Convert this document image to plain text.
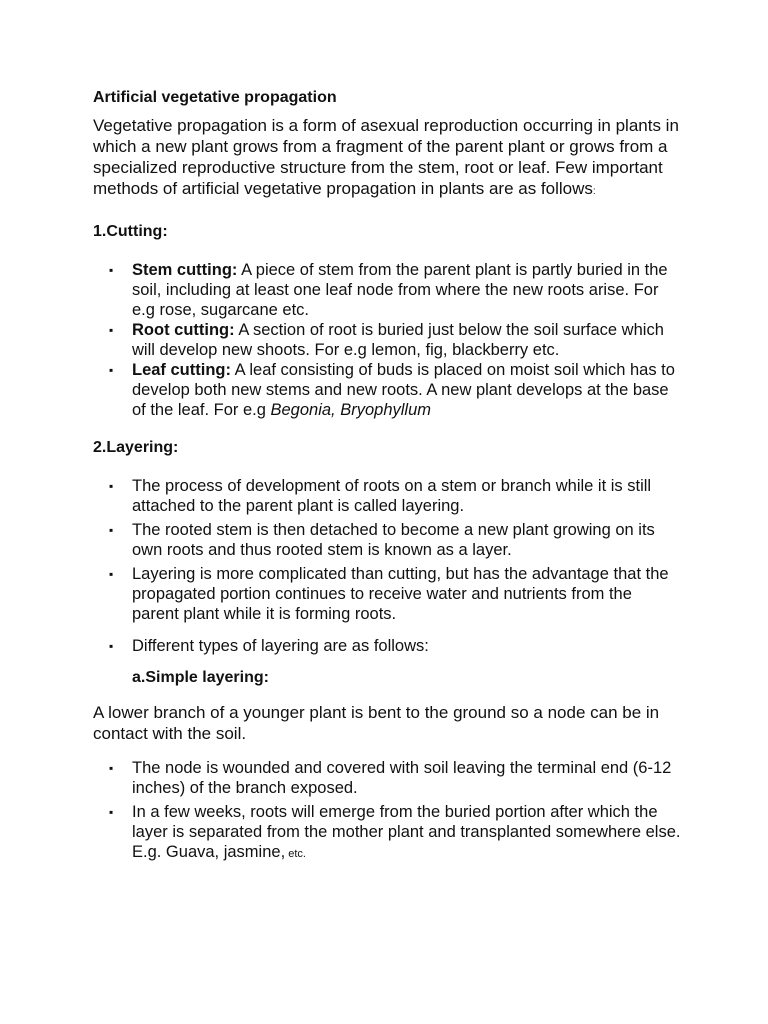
Artificial vegetative propagation

Vegetative propagation is a form of asexual reproduction occurring in plants in which a new plant grows from a fragment of the parent plant or grows from a specialized reproductive structure from the stem, root or leaf. Few important methods of artificial vegetative propagation in plants are as follows:

1.Cutting:
▪ Stem cutting: A piece of stem from the parent plant is partly buried in the soil, including at least one leaf node from where the new roots arise. For e.g rose, sugarcane etc.
▪ Root cutting: A section of root is buried just below the soil surface which will develop new shoots. For e.g lemon, fig, blackberry etc.
▪ Leaf cutting: A leaf consisting of buds is placed on moist soil which has to develop both new stems and new roots. A new plant develops at the base of the leaf. For e.g Begonia, Bryophyllum
2.Layering:
▪ The process of development of roots on a stem or branch while it is still attached to the parent plant is called layering.
▪ The rooted stem is then detached to become a new plant growing on its own roots and thus rooted stem is known as a layer.
▪ Layering is more complicated than cutting, but has the advantage that the propagated portion continues to receive water and nutrients from the parent plant while it is forming roots.
▪ Different types of layering are as follows:
a.Simple layering:
A lower branch of a younger plant is bent to the ground so a node can be in contact with the soil.
▪ The node is wounded and covered with soil leaving the terminal end (6-12 inches) of the branch exposed.
▪ In a few weeks, roots will emerge from the buried portion after which the layer is separated from the mother plant and transplanted somewhere else. E.g. Guava, jasmine, etc.
